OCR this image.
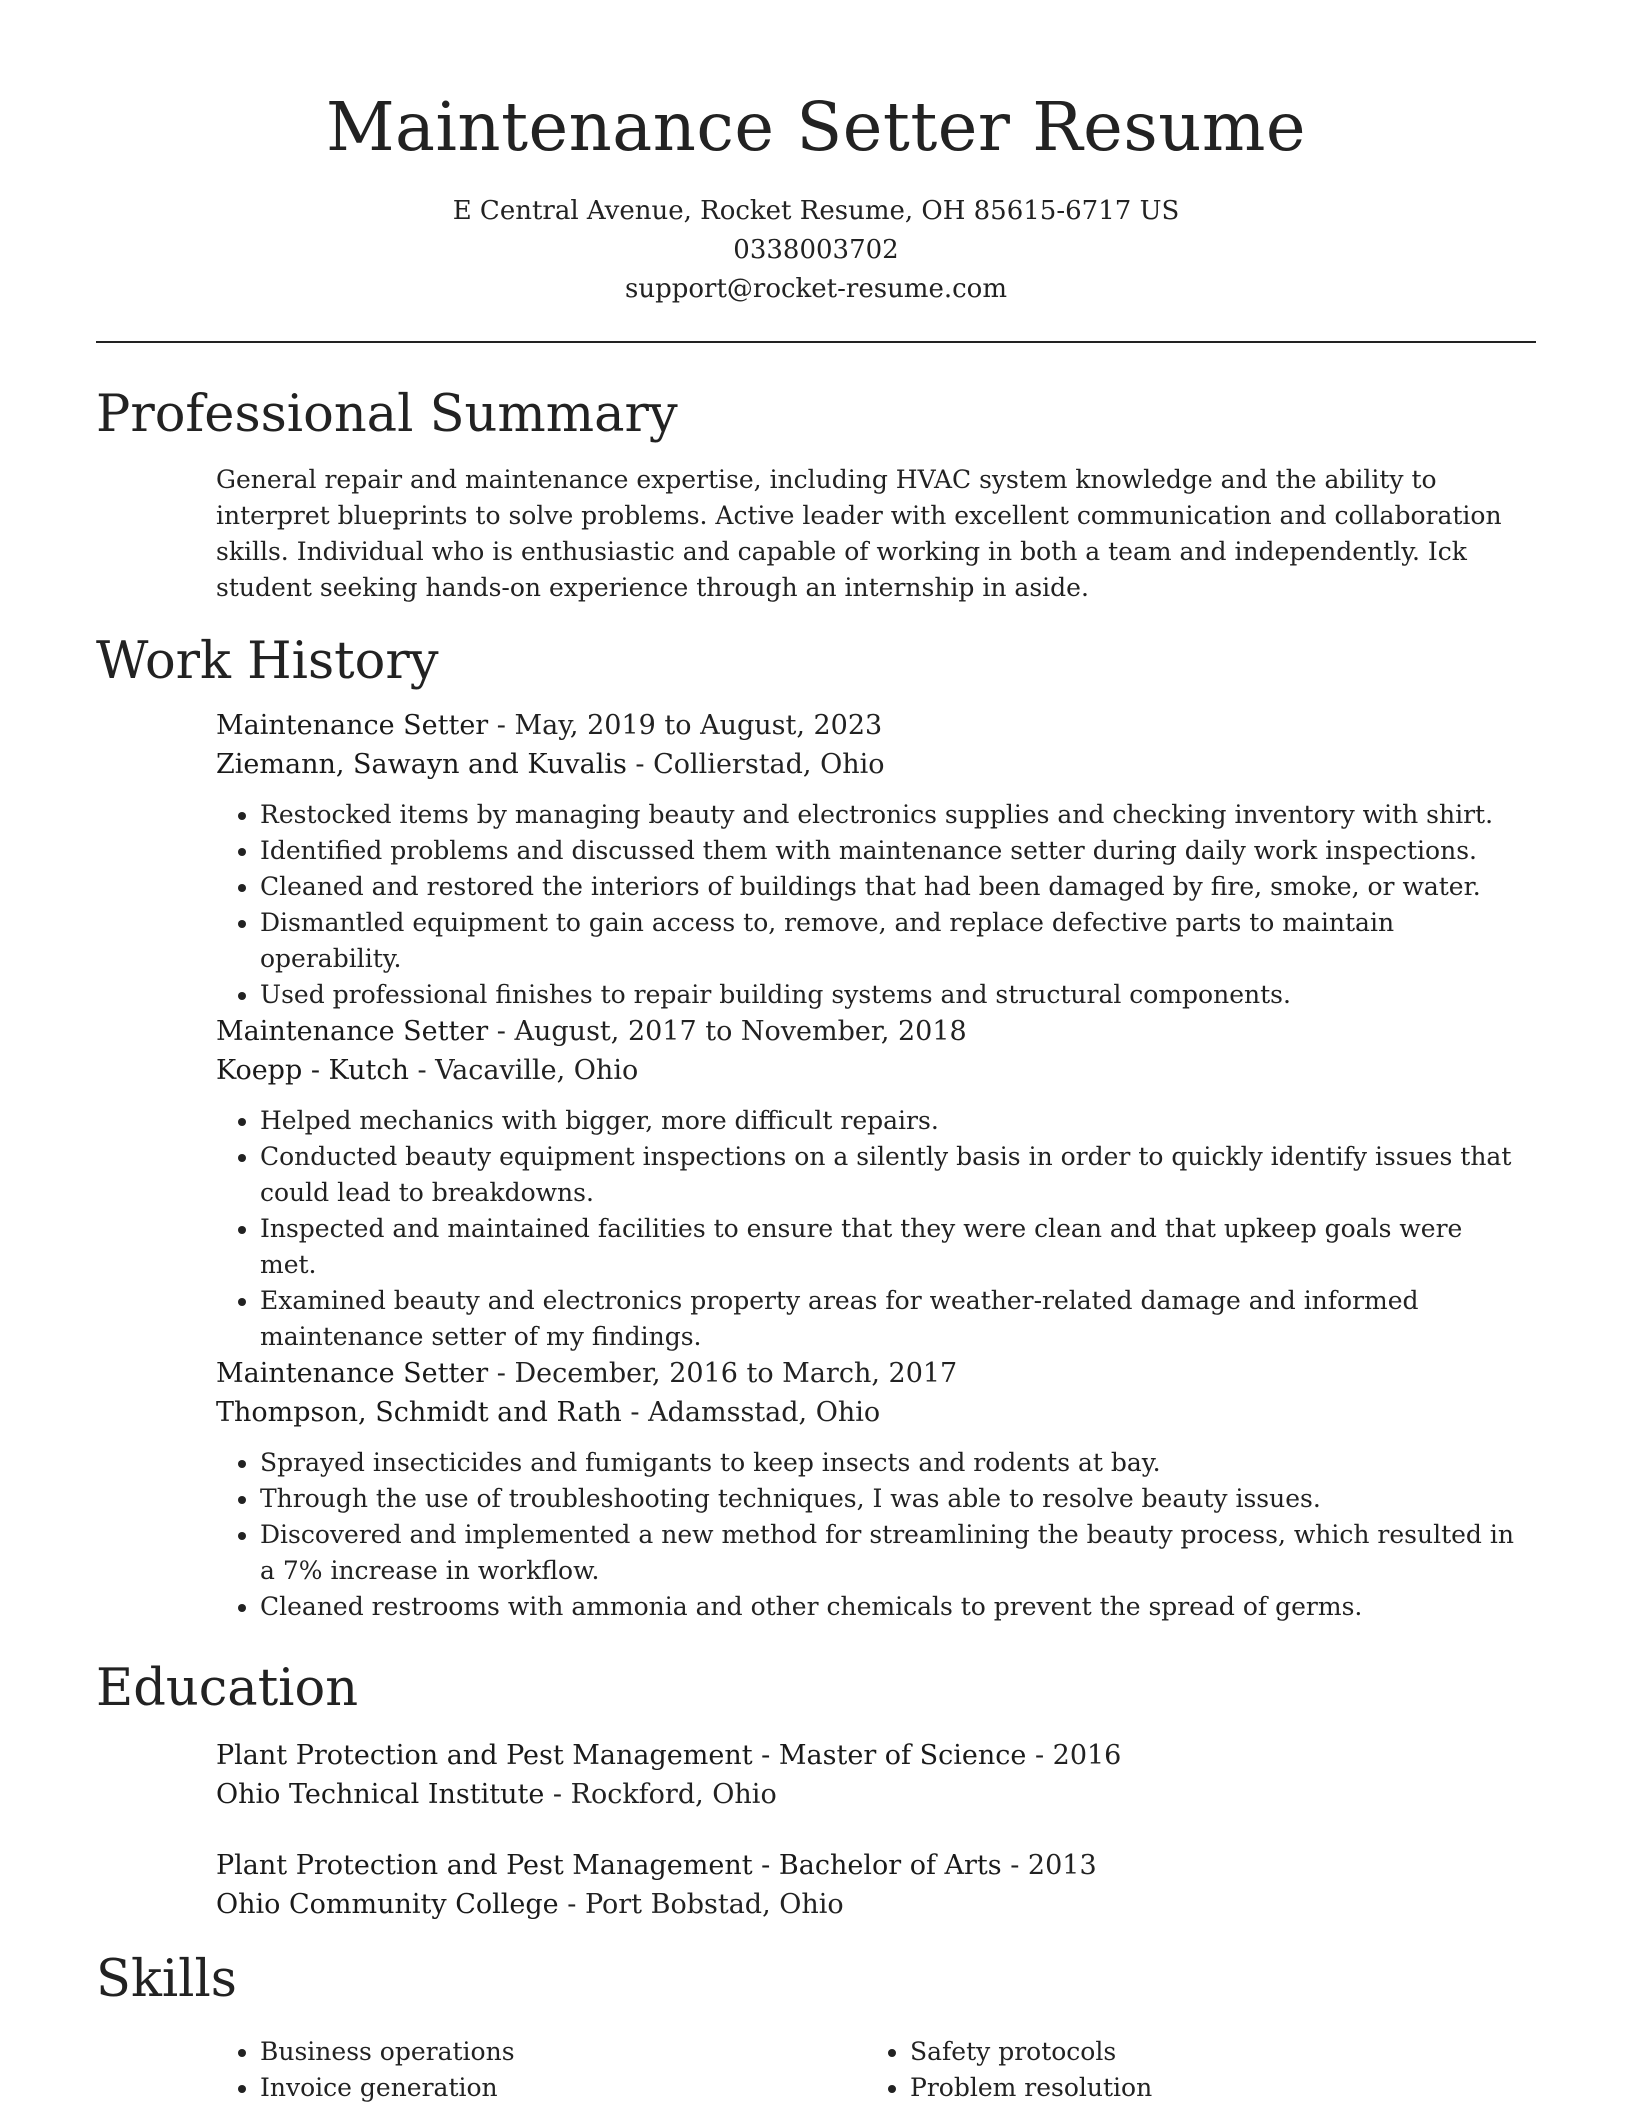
Maintenance Setter Resume
E Central Avenue, Rocket Resume, OH 85615-6717 US
0338003702
support@rocket-resume.com
Professional Summary
General repair and maintenance expertise, including HVAC system knowledge and the ability to interpret blueprints to solve problems. Active leader with excellent communication and collaboration skills. Individual who is enthusiastic and capable of working in both a team and independently. Ick student seeking hands-on experience through an internship in aside.
Work History
Maintenance Setter - May, 2019 to August, 2023
Ziemann, Sawayn and Kuvalis - Collierstad, Ohio
• Restocked items by managing beauty and electronics supplies and checking inventory with shirt.
• Identified problems and discussed them with maintenance setter during daily work inspections.
• Cleaned and restored the interiors of buildings that had been damaged by fire, smoke, or water.
• Dismantled equipment to gain access to, remove, and replace defective parts to maintain operability.
• Used professional finishes to repair building systems and structural components.
Maintenance Setter - August, 2017 to November, 2018
Koepp - Kutch - Vacaville, Ohio
• Helped mechanics with bigger, more difficult repairs.
• Conducted beauty equipment inspections on a silently basis in order to quickly identify issues that could lead to breakdowns.
• Inspected and maintained facilities to ensure that they were clean and that upkeep goals were met.
• Examined beauty and electronics property areas for weather-related damage and informed maintenance setter of my findings.
Maintenance Setter - December, 2016 to March, 2017
Thompson, Schmidt and Rath - Adamsstad, Ohio
• Sprayed insecticides and fumigants to keep insects and rodents at bay.
• Through the use of troubleshooting techniques, I was able to resolve beauty issues.
• Discovered and implemented a new method for streamlining the beauty process, which resulted in a 7% increase in workflow.
• Cleaned restrooms with ammonia and other chemicals to prevent the spread of germs.
Education
Plant Protection and Pest Management - Master of Science - 2016
Ohio Technical Institute - Rockford, Ohio
Plant Protection and Pest Management - Bachelor of Arts - 2013
Ohio Community College - Port Bobstad, Ohio
Skills
• Business operations
• Invoice generation
• Safety protocols
• Problem resolution
